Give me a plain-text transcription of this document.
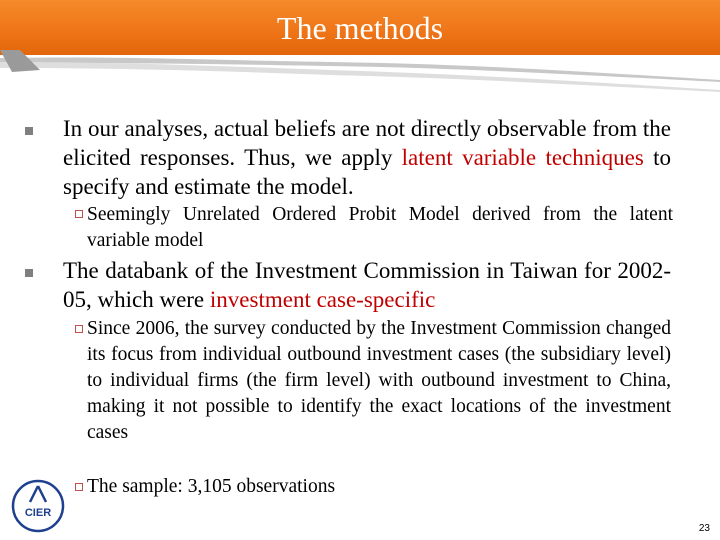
The methods
In our analyses, actual beliefs are not directly observable from the elicited responses. Thus, we apply latent variable techniques to specify and estimate the model.
Seemingly Unrelated Ordered Probit Model derived from the latent variable model
The databank of the Investment Commission in Taiwan for 2002-05, which were investment case-specific
Since 2006, the survey conducted by the Investment Commission changed its focus from individual outbound investment cases (the subsidiary level) to individual firms (the firm level) with outbound investment to China, making it not possible to identify the exact locations of the investment cases
The sample: 3,105 observations
CIER
23
